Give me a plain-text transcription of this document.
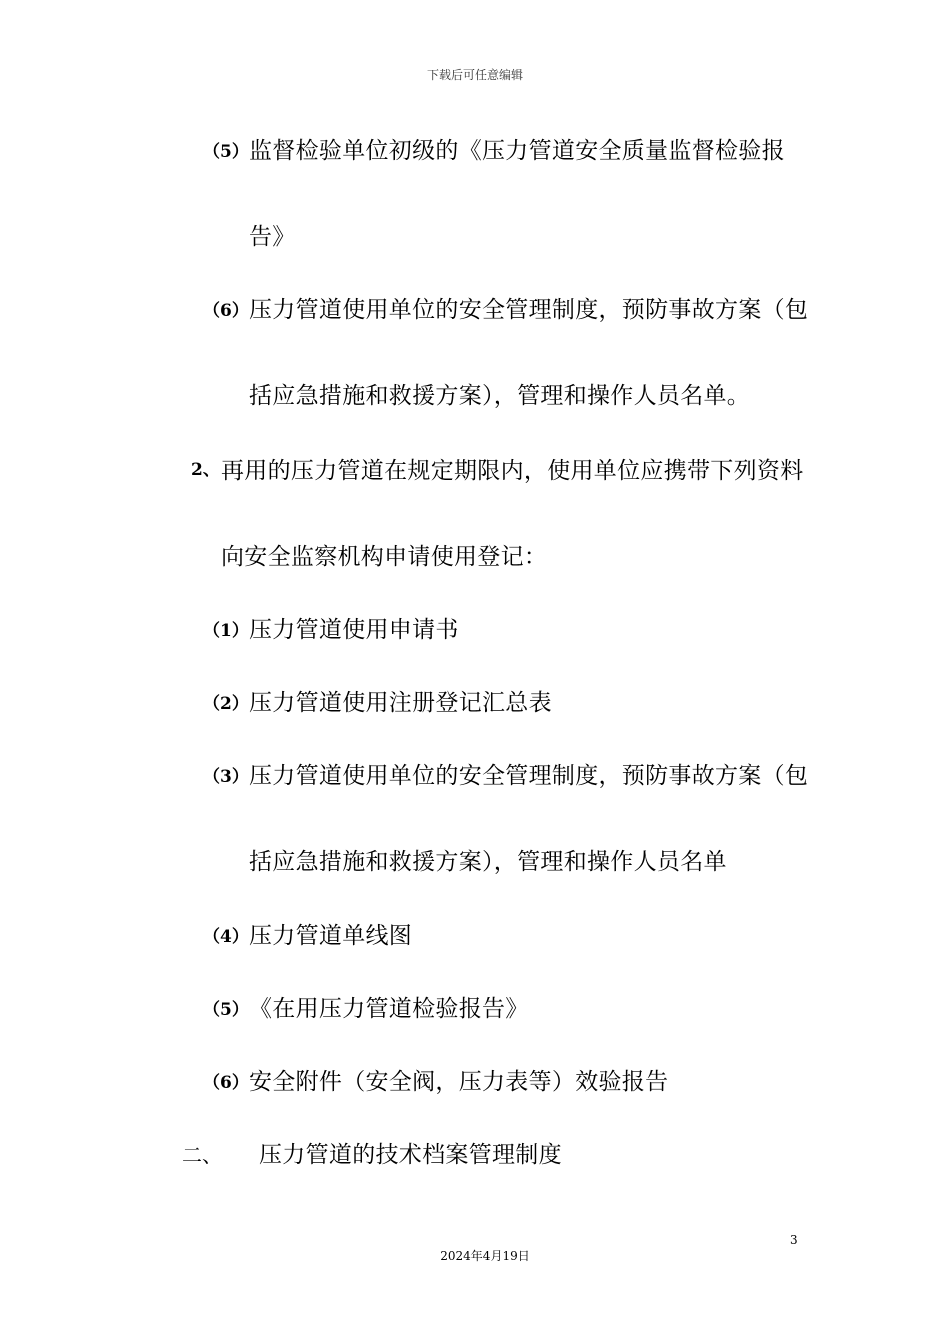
下载后可任意编辑
（5） 监督检验单位初级的《压力管道安全质量监督检验报
告》
（6） 压力管道使用单位的安全管理制度，预防事故方案（包
括应急措施和救援方案），管理和操作人员名单。
2、 再用的压力管道在规定期限内，使用单位应携带下列资料
向安全监察机构申请使用登记：
（1） 压力管道使用申请书
（2） 压力管道使用注册登记汇总表
（3） 压力管道使用单位的安全管理制度，预防事故方案（包
括应急措施和救援方案），管理和操作人员名单
（4） 压力管道单线图
（5） 《在用压力管道检验报告》
（6） 安全附件（安全阀，压力表等）效验报告
二、 压力管道的技术档案管理制度
3
2024年4月19日
